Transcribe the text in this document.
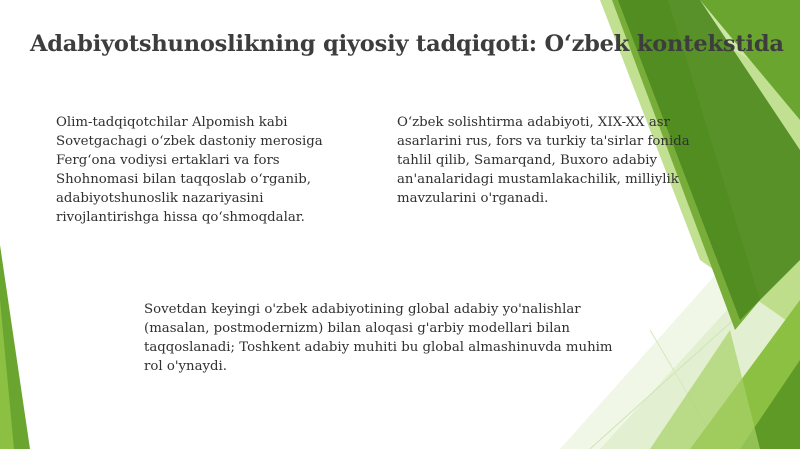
Adabiyotshunoslikning qiyosiy tadqiqoti: O‘zbek kontekstida
Olim-tadqiqotchilar Alpomish kabi
Sovetgachagi o‘zbek dastoniy merosiga
Ferg‘ona vodiysi ertaklari va fors
Shohnomasi bilan taqqoslab o‘rganib,
adabiyotshunoslik nazariyasini
rivojlantirishga hissa qo‘shmoqdalar.
O‘zbek solishtirma adabiyoti, XIX-XX asr
asarlarini rus, fors va turkiy ta'sirlar fonida
tahlil qilib, Samarqand, Buxoro adabiy
an'analaridagi mustamlakachilik, milliylik
mavzularini o'rganadi.
Sovetdan keyingi o'zbek adabiyotining global adabiy yo'nalishlar
(masalan, postmodernizm) bilan aloqasi g'arbiy modellari bilan
taqqoslanadi; Toshkent adabiy muhiti bu global almashinuvda muhim
rol o'ynaydi.
